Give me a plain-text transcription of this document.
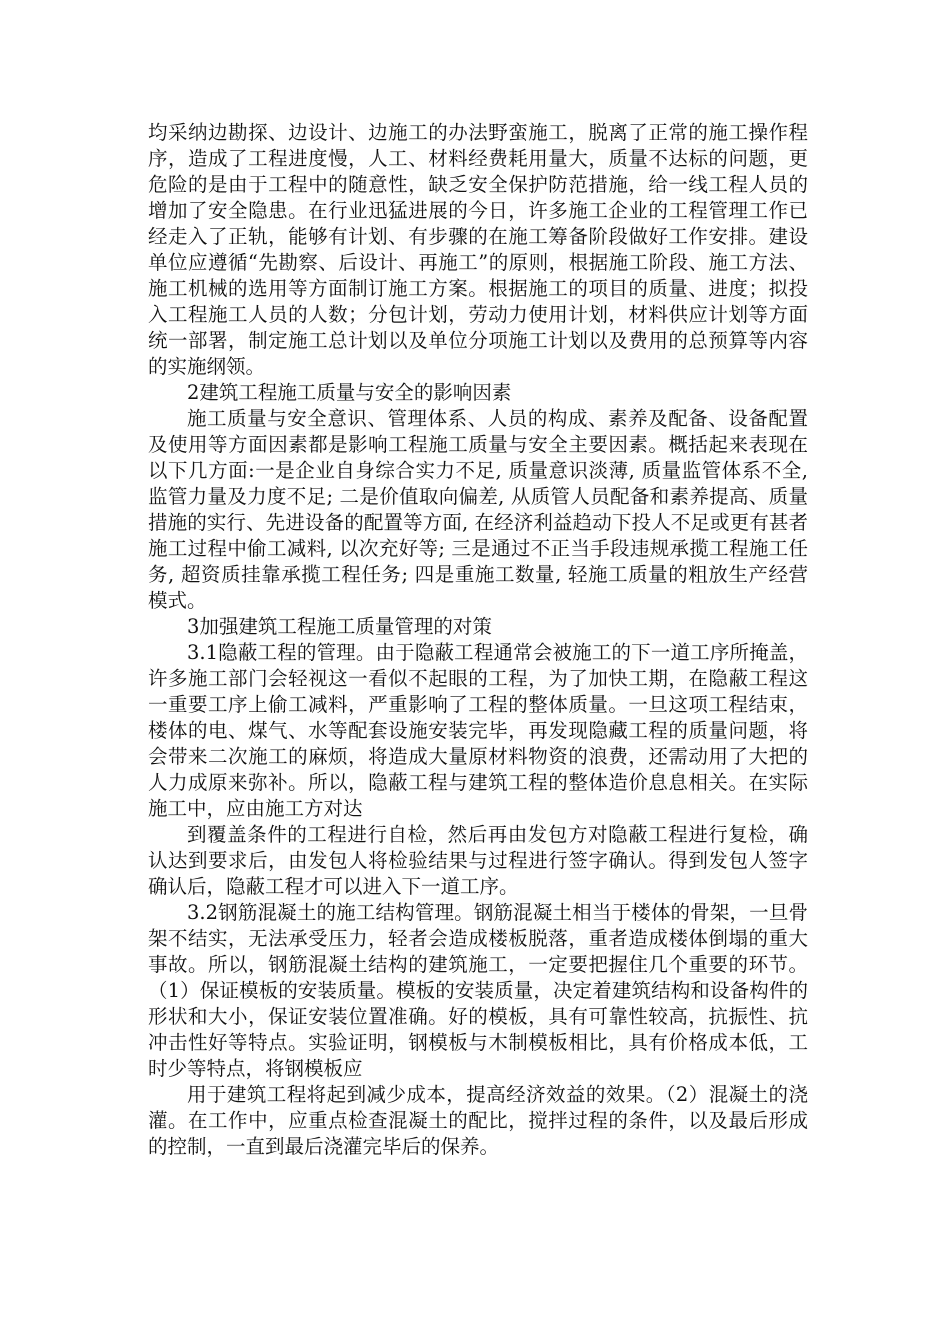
均采纳边勘探、边设计、边施工的办法野蛮施工，脱离了正常的施工操作程序，造成了工程进度慢，人工、材料经费耗用量大，质量不达标的问题，更危险的是由于工程中的随意性，缺乏安全保护防范措施，给一线工程人员的增加了安全隐患。在行业迅猛进展的今日，许多施工企业的工程管理工作已经走入了正轨，能够有计划、有步骤的在施工筹备阶段做好工作安排。建设单位应遵循“先勘察、后设计、再施工”的原则，根据施工阶段、施工方法、施工机械的选用等方面制订施工方案。根据施工的项目的质量、进度；拟投入工程施工人员的人数；分包计划，劳动力使用计划，材料供应计划等方面统一部署，制定施工总计划以及单位分项施工计划以及费用的总预算等内容的实施纲领。

2建筑工程施工质量与安全的影响因素

施工质量与安全意识、管理体系、人员的构成、素养及配备、设备配置及使用等方面因素都是影响工程施工质量与安全主要因素。概括起来表现在以下几方面:一是企业自身综合实力不足, 质量意识淡薄, 质量监管体系不全, 监管力量及力度不足; 二是价值取向偏差, 从质管人员配备和素养提高、质量措施的实行、先进设备的配置等方面, 在经济利益趋动下投人不足或更有甚者施工过程中偷工减料, 以次充好等; 三是通过不正当手段违规承揽工程施工任务, 超资质挂靠承揽工程任务; 四是重施工数量, 轻施工质量的粗放生产经营模式。

3加强建筑工程施工质量管理的对策

3.1隐蔽工程的管理。由于隐蔽工程通常会被施工的下一道工序所掩盖，许多施工部门会轻视这一看似不起眼的工程，为了加快工期，在隐蔽工程这一重要工序上偷工减料，严重影响了工程的整体质量。一旦这项工程结束，楼体的电、煤气、水等配套设施安装完毕，再发现隐藏工程的质量问题，将会带来二次施工的麻烦，将造成大量原材料物资的浪费，还需动用了大把的人力成原来弥补。所以，隐蔽工程与建筑工程的整体造价息息相关。在实际施工中，应由施工方对达

到覆盖条件的工程进行自检，然后再由发包方对隐蔽工程进行复检，确认达到要求后，由发包人将检验结果与过程进行签字确认。得到发包人签字确认后，隐蔽工程才可以进入下一道工序。

3.2钢筋混凝土的施工结构管理。钢筋混凝土相当于楼体的骨架，一旦骨架不结实，无法承受压力，轻者会造成楼板脱落，重者造成楼体倒塌的重大事故。所以，钢筋混凝土结构的建筑施工，一定要把握住几个重要的环节。（1）保证模板的安装质量。模板的安装质量，决定着建筑结构和设备构件的形状和大小，保证安装位置准确。好的模板，具有可靠性较高，抗振性、抗冲击性好等特点。实验证明，钢模板与木制模板相比，具有价格成本低，工时少等特点，将钢模板应

用于建筑工程将起到减少成本，提高经济效益的效果。（2）混凝土的浇灌。在工作中，应重点检查混凝土的配比，搅拌过程的条件，以及最后形成的控制，一直到最后浇灌完毕后的保养。
